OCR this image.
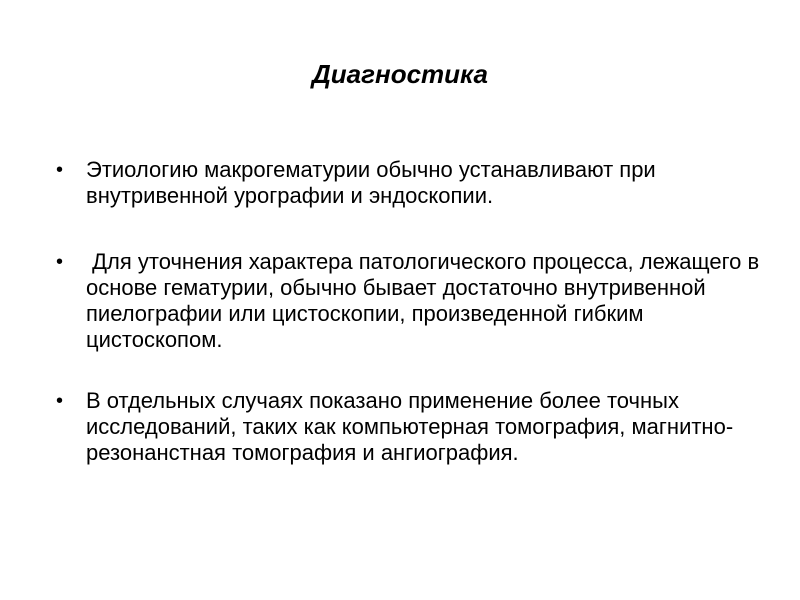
Диагностика
•	Этиологию макрогематурии обычно устанавливают при внутривенной урографии и эндоскопии.
•	Для уточнения характера патологического процесса, лежащего в основе гематурии, обычно бывает достаточно внутривенной пиелографии или цистоскопии, произведенной гибким цистоскопом.
•	В отдельных случаях показано применение более точных исследований, таких как компьютерная томография, магнитно-резонанстная томография и ангиография.
